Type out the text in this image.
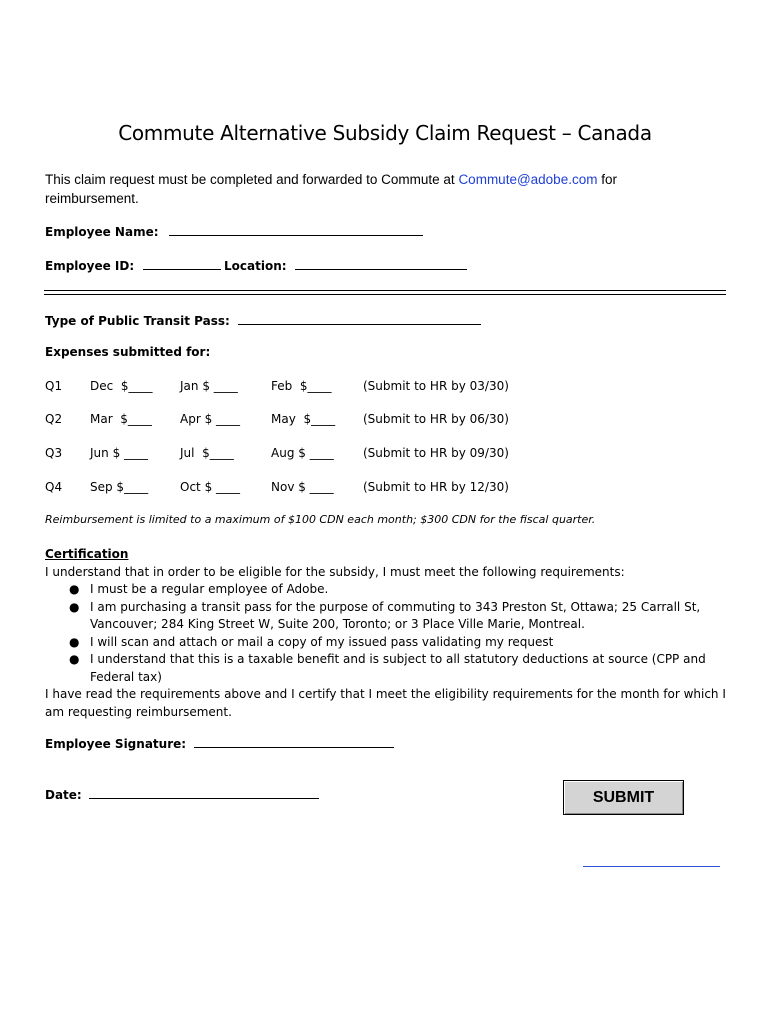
Commute Alternative Subsidy Claim Request – Canada
This claim request must be completed and forwarded to Commute at Commute@adobe.com for reimbursement.
Employee Name:
Employee ID:	Location:
Type of Public Transit Pass:
Expenses submitted for:
Q1 Dec  $____ Jan $ ____	Feb  $____	(Submit to HR by 03/30)
Q2 Mar  $____ Apr $ ____	May  $____ (Submit to HR by 06/30)
Q3 Jun $ ____	Jul  $____	Aug $ ____ (Submit to HR by 09/30)
Q4 Sep $____	Oct $ ____	Nov $ ____ (Submit to HR by 12/30)
Reimbursement is limited to a maximum of $100 CDN each month; $300 CDN for the fiscal quarter.
Certification
I understand that in order to be eligible for the subsidy, I must meet the following requirements:
● I must be a regular employee of Adobe.
● I am purchasing a transit pass for the purpose of commuting to 343 Preston St, Ottawa; 25 Carrall St, Vancouver; 284 King Street W, Suite 200, Toronto; or 3 Place Ville Marie, Montreal.
● I will scan and attach or mail a copy of my issued pass validating my request
● I understand that this is a taxable benefit and is subject to all statutory deductions at source (CPP and Federal tax)
I have read the requirements above and I certify that I meet the eligibility requirements for the month for which I am requesting reimbursement.
Employee Signature:
Date:	SUBMIT
